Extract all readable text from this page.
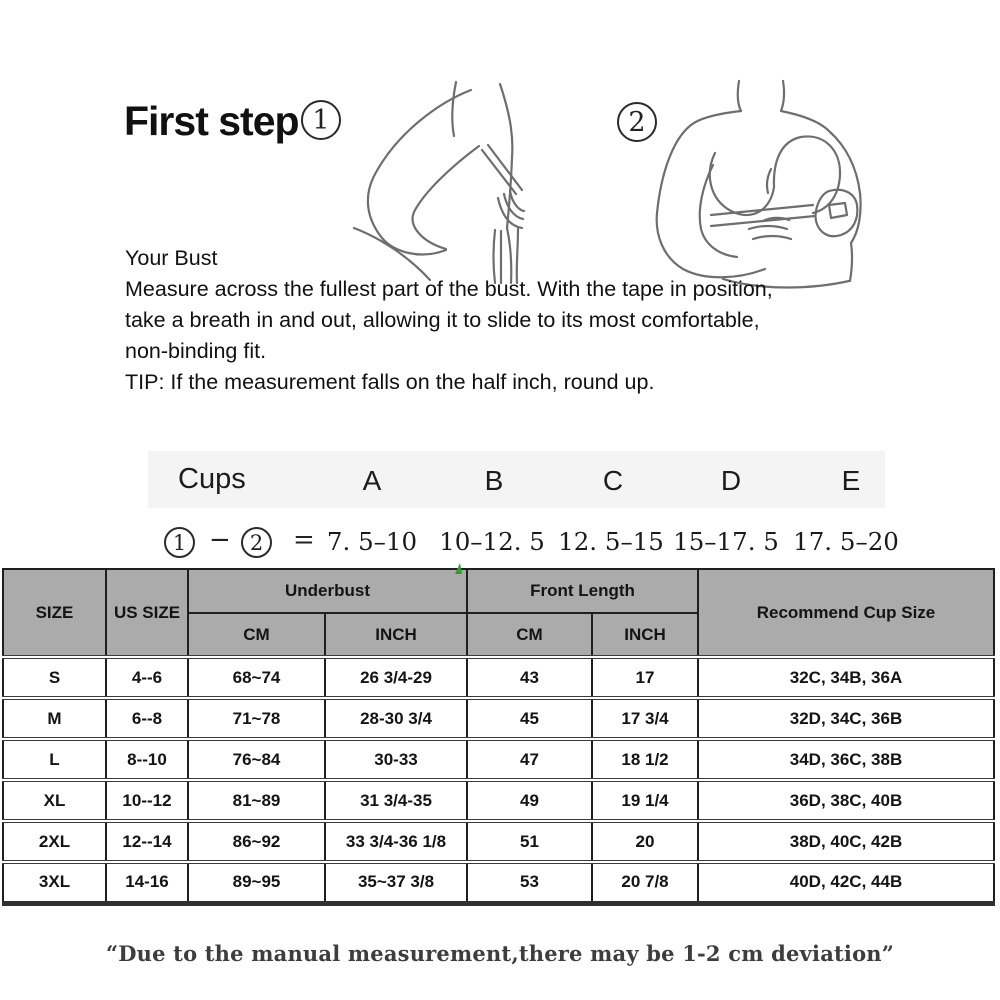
First step 1	2
Your Bust
Measure across the fullest part of the bust. With the tape in position,
take a breath in and out, allowing it to slide to its most comfortable,
non-binding fit.
TIP: If the measurement falls on the half inch, round up.
Cups	A	B	C	D	E
1 − 2 = 7. 5–10 10–12. 5 12. 5–15 15–17. 5 17. 5–20
SIZE	US SIZE	Underbust		Front Length		Recommend Cup Size
		CM	INCH	CM	INCH	
S	4--6	68~74	26 3/4-29	43	17	32C, 34B, 36A
M	6--8	71~78	28-30 3/4	45	17 3/4	32D, 34C, 36B
L	8--10	76~84	30-33	47	18 1/2	34D, 36C, 38B
XL	10--12	81~89	31 3/4-35	49	19 1/4	36D, 38C, 40B
2XL	12--14	86~92	33 3/4-36 1/8	51	20	38D, 40C, 42B
3XL	14-16	89~95	35~37 3/8	53	20 7/8	40D, 42C, 44B
“Due to the manual measurement,there may be 1-2 cm deviation”
